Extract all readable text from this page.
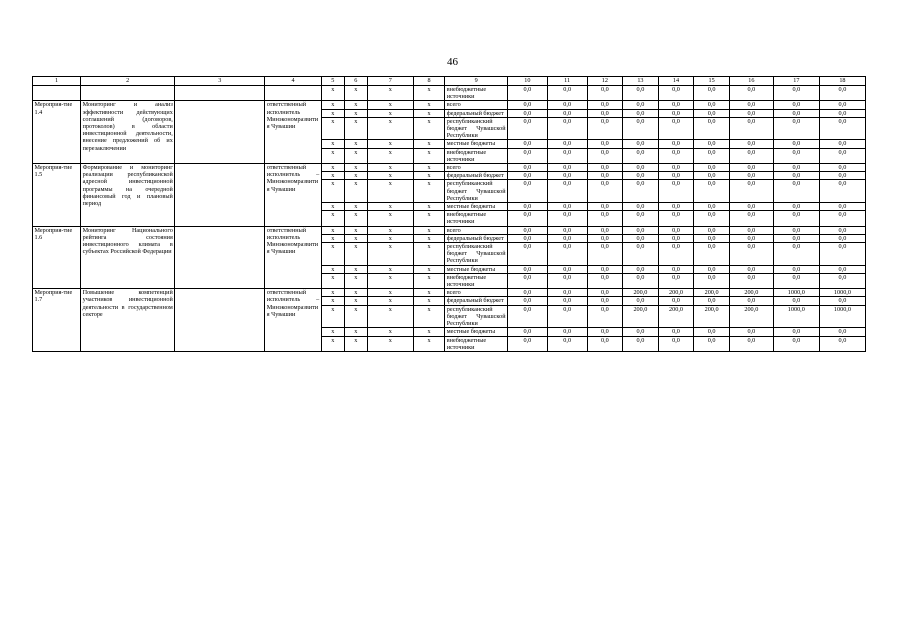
46
1	2	3	4	5	6	7	8	9	10	11	12	13	14	15	16	17	18
				x	x	x	x	внебюджетные источники	0,0	0,0	0,0	0,0	0,0	0,0	0,0	0,0	0,0
Мероприя-тие 1.4	Мониторинг и анализ эффективности действующих соглашений (договоров, протоколов) в области инвестиционной деятельности, внесение предложений об их перезаключении		ответственный исполнитель Минэкономразвития Чувашии	x	x	x	x	всего	0,0	0,0	0,0	0,0	0,0	0,0	0,0	0,0	0,0
				x	x	x	x	федеральный бюджет	0,0	0,0	0,0	0,0	0,0	0,0	0,0	0,0	0,0
				x	x	x	x	республиканский бюджет Чувашской Республики	0,0	0,0	0,0	0,0	0,0	0,0	0,0	0,0	0,0
				x	x	x	x	местные бюджеты	0,0	0,0	0,0	0,0	0,0	0,0	0,0	0,0	0,0
				x	x	x	x	внебюджетные источники	0,0	0,0	0,0	0,0	0,0	0,0	0,0	0,0	0,0
Мероприя-тие 1.5	Формирование и мониторинг реализации республиканской адресной инвестиционной программы на очередной финансовый год и плановый период		ответственный исполнитель – Минэкономразвития Чувашии	x	x	x	x	всего	0,0	0,0	0,0	0,0	0,0	0,0	0,0	0,0	0,0
				x	x	x	x	федеральный бюджет	0,0	0,0	0,0	0,0	0,0	0,0	0,0	0,0	0,0
				x	x	x	x	республиканский бюджет Чувашской Республики	0,0	0,0	0,0	0,0	0,0	0,0	0,0	0,0	0,0
				x	x	x	x	местные бюджеты	0,0	0,0	0,0	0,0	0,0	0,0	0,0	0,0	0,0
				x	x	x	x	внебюджетные источники	0,0	0,0	0,0	0,0	0,0	0,0	0,0	0,0	0,0
Мероприя-тие 1.6	Мониторинг Национального рейтинга состояния инвестиционного климата в субъектах Российской Федерации		ответственный исполнитель Минэкономразвития Чувашии	x	x	x	x	всего	0,0	0,0	0,0	0,0	0,0	0,0	0,0	0,0	0,0
				x	x	x	x	федеральный бюджет	0,0	0,0	0,0	0,0	0,0	0,0	0,0	0,0	0,0
				x	x	x	x	республиканский бюджет Чувашской Республики	0,0	0,0	0,0	0,0	0,0	0,0	0,0	0,0	0,0
				x	x	x	x	местные бюджеты	0,0	0,0	0,0	0,0	0,0	0,0	0,0	0,0	0,0
				x	x	x	x	внебюджетные источники	0,0	0,0	0,0	0,0	0,0	0,0	0,0	0,0	0,0
Мероприя-тие 1.7	Повышение компетенций участников инвестиционной деятельности в государственном секторе		ответственный исполнитель – Минэкономразвития Чувашии	x	x	x	x	всего	0,0	0,0	0,0	200,0	200,0	200,0	200,0	1000,0	1000,0
				x	x	x	x	федеральный бюджет	0,0	0,0	0,0	0,0	0,0	0,0	0,0	0,0	0,0
				x	x	x	x	республиканский бюджет Чувашской Республики	0,0	0,0	0,0	200,0	200,0	200,0	200,0	1000,0	1000,0
				x	x	x	x	местные бюджеты	0,0	0,0	0,0	0,0	0,0	0,0	0,0	0,0	0,0
				x	x	x	x	внебюджетные источники	0,0	0,0	0,0	0,0	0,0	0,0	0,0	0,0	0,0
